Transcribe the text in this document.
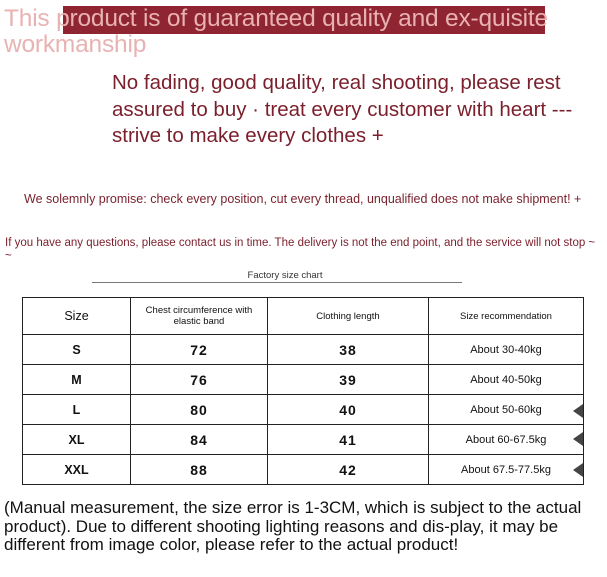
This product is of guaranteed quality and ex-quisite workmanship
No fading, good quality, real shooting, please rest assured to buy · treat every customer with heart --- strive to make every clothes +
We solemnly promise: check every position, cut every thread, unqualified does not make shipment! +
If you have any questions, please contact us in time. The delivery is not the end point, and the service will not stop ~ ~
Factory size chart
Size	Chest circumference with elastic band	Clothing length	Size recommendation
S	72	38	About 30-40kg
M	76	39	About 40-50kg
L	80	40	About 50-60kg
XL	84	41	About 60-67.5kg
XXL	88	42	About 67.5-77.5kg
(Manual measurement, the size error is 1-3CM, which is subject to the actual product). Due to different shooting lighting reasons and dis-play, it may be different from image color, please refer to the actual product!
